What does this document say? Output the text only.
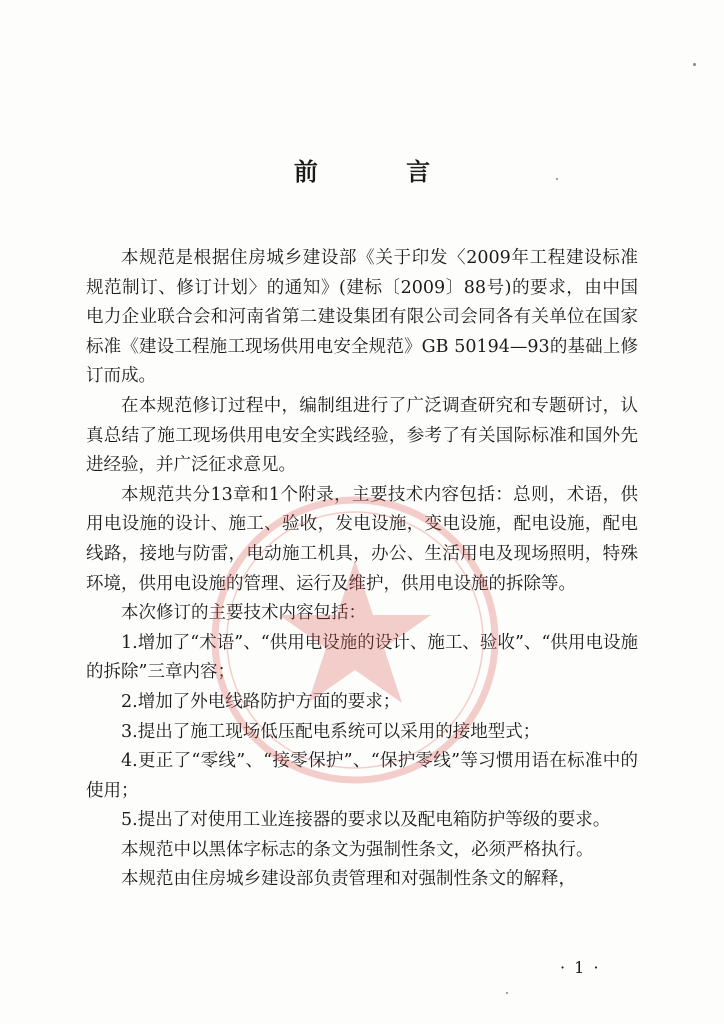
前 言

本规范是根据住房城乡建设部《关于印发〈2009年工程建设标准规范制订、修订计划〉的通知》(建标〔2009〕88号)的要求，由中国电力企业联合会和河南省第二建设集团有限公司会同各有关单位在国家标准《建设工程施工现场供用电安全规范》GB 50194—93的基础上修订而成。

在本规范修订过程中，编制组进行了广泛调查研究和专题研讨，认真总结了施工现场供用电安全实践经验，参考了有关国际标准和国外先进经验，并广泛征求意见。

本规范共分13章和1个附录，主要技术内容包括：总则，术语，供用电设施的设计、施工、验收，发电设施，变电设施，配电设施，配电线路，接地与防雷，电动施工机具，办公、生活用电及现场照明，特殊环境，供用电设施的管理、运行及维护，供用电设施的拆除等。

本次修订的主要技术内容包括：

1.增加了“术语”、“供用电设施的设计、施工、验收”、“供用电设施的拆除”三章内容；

2.增加了外电线路防护方面的要求；

3.提出了施工现场低压配电系统可以采用的接地型式；

4.更正了“零线”、“接零保护”、“保护零线”等习惯用语在标准中的使用；

5.提出了对使用工业连接器的要求以及配电箱防护等级的要求。

本规范中以黑体字标志的条文为强制性条文，必须严格执行。

本规范由住房城乡建设部负责管理和对强制性条文的解释，

· 1 ·
